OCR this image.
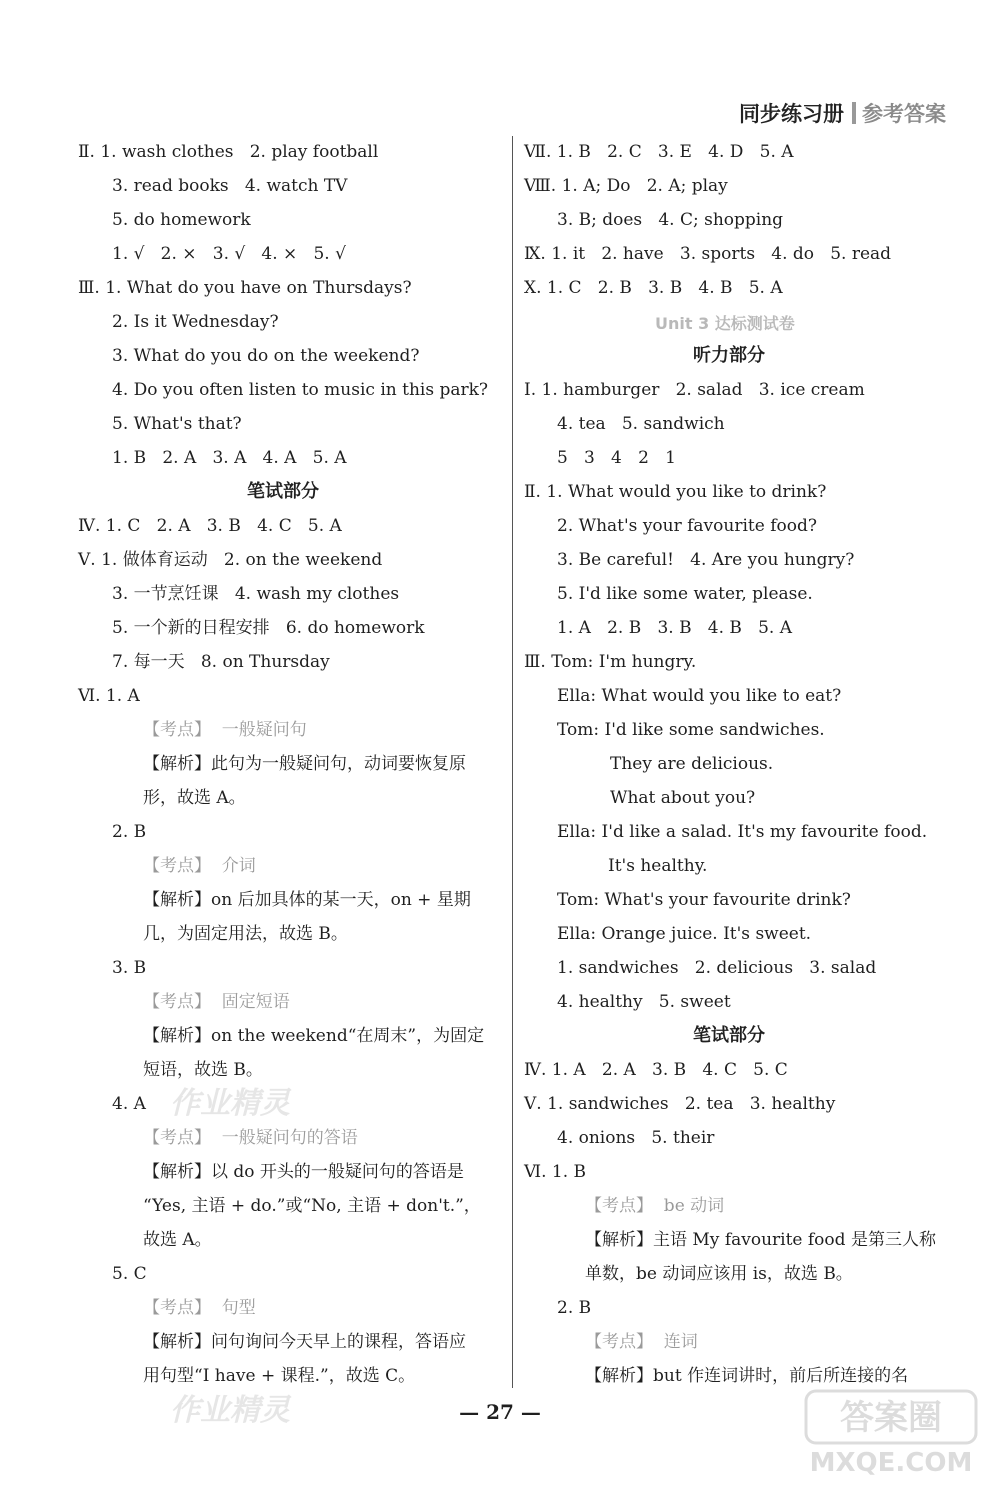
同步练习册 参考答案
Ⅱ. 1. wash clothes   2. play football
3. read books   4. watch TV
5. do homework
1. √   2. ×   3. √   4. ×   5. √
Ⅲ. 1. What do you have on Thursdays?
2. Is it Wednesday?
3. What do you do on the weekend?
4. Do you often listen to music in this park?
5. What's that?
1. B   2. A   3. A   4. A   5. A
笔试部分
Ⅳ. 1. C   2. A   3. B   4. C   5. A
Ⅴ. 1. 做体育运动   2. on the weekend
3. 一节烹饪课   4. wash my clothes
5. 一个新的日程安排   6. do homework
7. 每一天   8. on Thursday
Ⅵ. 1. A
【考点】  一般疑问句
【解析】此句为一般疑问句，动词要恢复原
形，故选 A。
2. B
【考点】  介词
【解析】on 后加具体的某一天，on + 星期
几，为固定用法，故选 B。
3. B
【考点】  固定短语
【解析】on the weekend“在周末”，为固定
短语，故选 B。
4. A
【考点】  一般疑问句的答语
【解析】以 do 开头的一般疑问句的答语是
“Yes, 主语 + do.”或“No, 主语 + don't.”，
故选 A。
5. C
【考点】  句型
【解析】问句询问今天早上的课程，答语应
用句型“I have + 课程.”，故选 C。
Ⅶ. 1. B   2. C   3. E   4. D   5. A
Ⅷ. 1. A; Do   2. A; play
3. B; does   4. C; shopping
Ⅸ. 1. it   2. have   3. sports   4. do   5. read
Ⅹ. 1. C   2. B   3. B   4. B   5. A
听力部分
Ⅰ. 1. hamburger   2. salad   3. ice cream
4. tea   5. sandwich
5   3   4   2   1
Ⅱ. 1. What would you like to drink?
2. What's your favourite food?
3. Be careful!   4. Are you hungry?
5. I'd like some water, please.
1. A   2. B   3. B   4. B   5. A
Ⅲ. Tom: I'm hungry.
Ella: What would you like to eat?
Tom: I'd like some sandwiches.
They are delicious.
What about you?
Ella: I'd like a salad. It's my favourite food.
It's healthy.
Tom: What's your favourite drink?
Ella: Orange juice. It's sweet.
1. sandwiches   2. delicious   3. salad
4. healthy   5. sweet
笔试部分
Ⅳ. 1. A   2. A   3. B   4. C   5. C
Ⅴ. 1. sandwiches   2. tea   3. healthy
4. onions   5. their
Ⅵ. 1. B
【考点】  be 动词
【解析】主语 My favourite food 是第三人称
单数，be 动词应该用 is，故选 B。
2. B
【考点】  连词
【解析】but 作连词讲时，前后所连接的名
Unit 3 达标测试卷
作业精灵
作业精灵	— 27 —	答案圈
MXQE.COM
